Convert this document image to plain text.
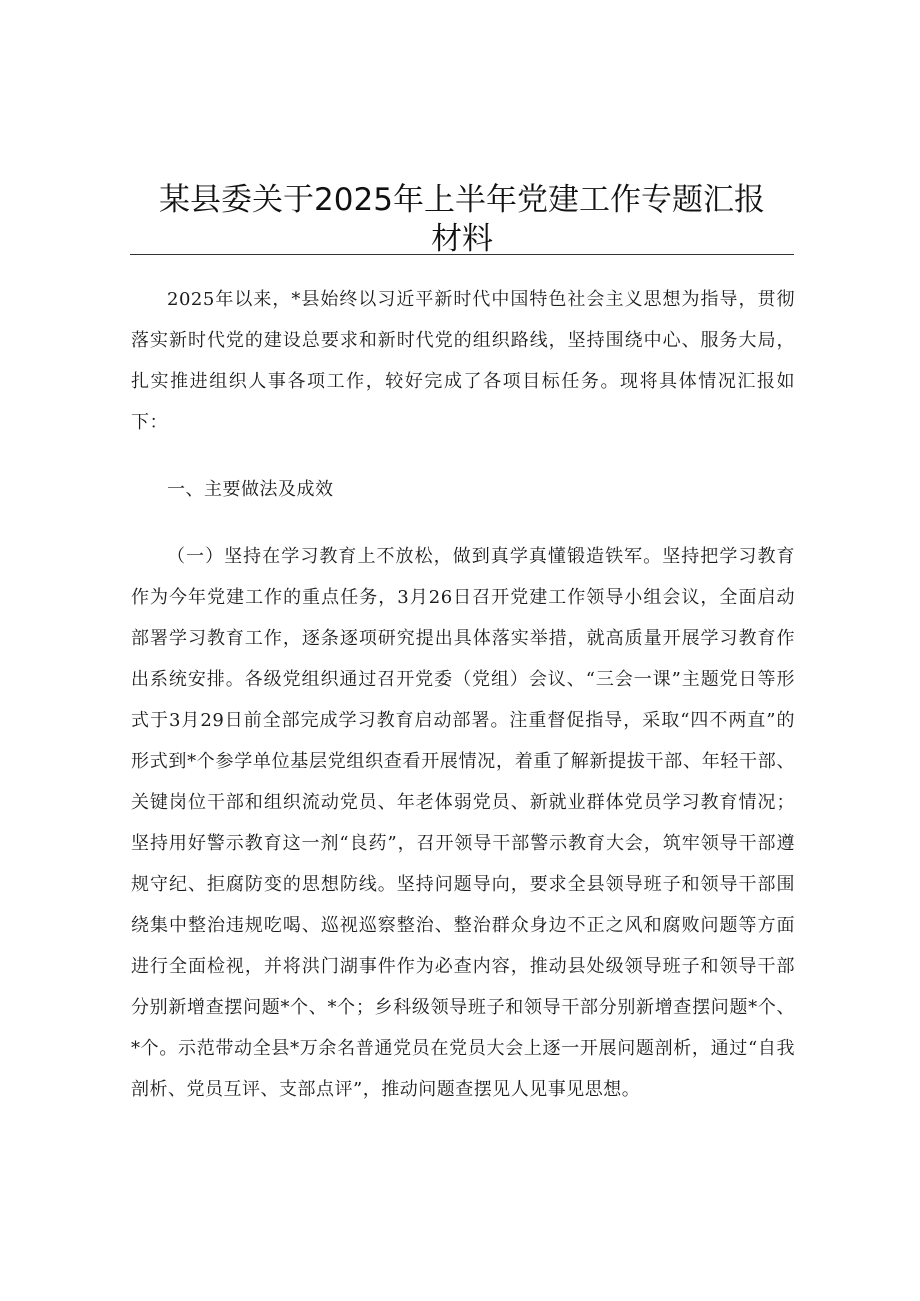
某县委关于2025年上半年党建工作专题汇报
材料

2025年以来，*县始终以习近平新时代中国特色社会主义思想为指导，贯彻落实新时代党的建设总要求和新时代党的组织路线，坚持围绕中心、服务大局，扎实推进组织人事各项工作，较好完成了各项目标任务。现将具体情况汇报如下：

一、主要做法及成效

（一）坚持在学习教育上不放松，做到真学真懂锻造铁军。坚持把学习教育作为今年党建工作的重点任务，3月26日召开党建工作领导小组会议，全面启动部署学习教育工作，逐条逐项研究提出具体落实举措，就高质量开展学习教育作出系统安排。各级党组织通过召开党委（党组）会议、“三会一课”主题党日等形式于3月29日前全部完成学习教育启动部署。注重督促指导，采取“四不两直”的形式到*个参学单位基层党组织查看开展情况，着重了解新提拔干部、年轻干部、关键岗位干部和组织流动党员、年老体弱党员、新就业群体党员学习教育情况；坚持用好警示教育这一剂“良药”，召开领导干部警示教育大会，筑牢领导干部遵规守纪、拒腐防变的思想防线。坚持问题导向，要求全县领导班子和领导干部围绕集中整治违规吃喝、巡视巡察整治、整治群众身边不正之风和腐败问题等方面进行全面检视，并将洪门湖事件作为必查内容，推动县处级领导班子和领导干部分别新增查摆问题*个、*个；乡科级领导班子和领导干部分别新增查摆问题*个、*个。示范带动全县*万余名普通党员在党员大会上逐一开展问题剖析，通过“自我剖析、党员互评、支部点评”，推动问题查摆见人见事见思想。
